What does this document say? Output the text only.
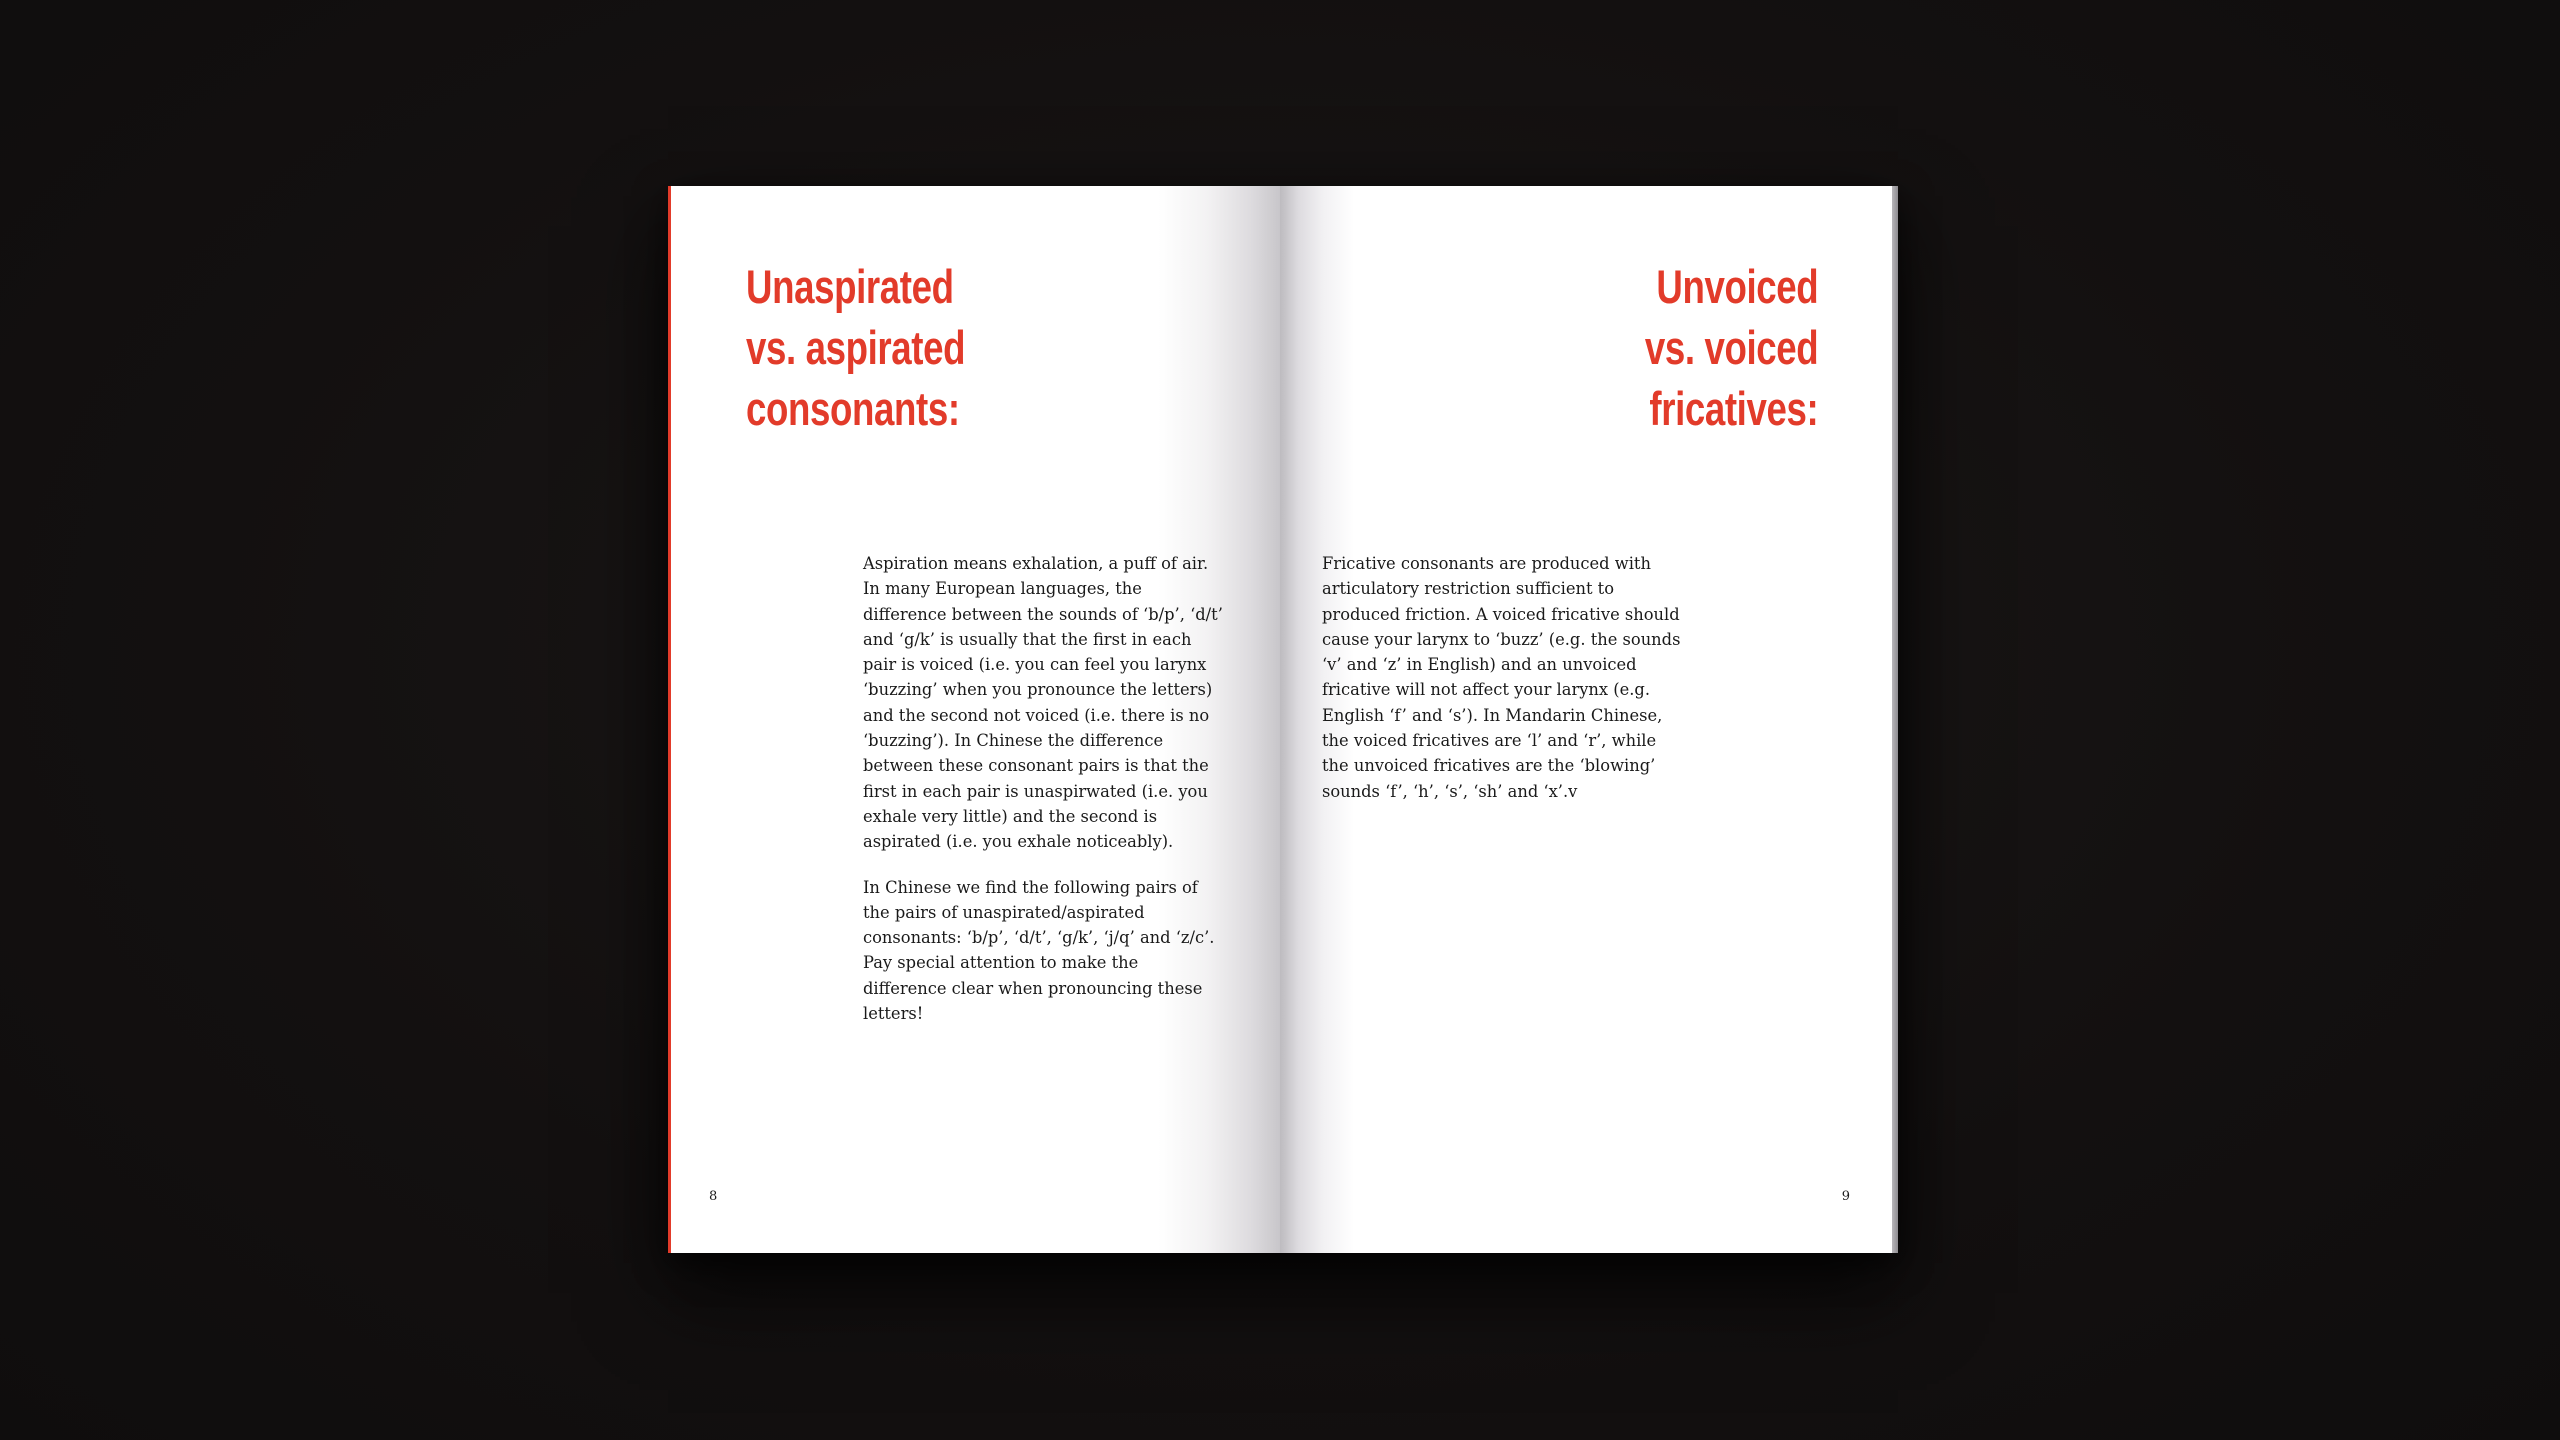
Unaspirated
vs. aspirated
consonants:

Aspiration means exhalation, a puff of air. In many European languages, the difference between the sounds of ‘b/p’, ‘d/t’ and ‘g/k’ is usually that the first in each pair is voiced (i.e. you can feel you larynx ‘buzzing’ when you pronounce the letters) and the second not voiced (i.e. there is no ‘buzzing’). In Chinese the difference between these consonant pairs is that the first in each pair is unaspirwated (i.e. you exhale very little) and the second is aspirated (i.e. you exhale noticeably).

In Chinese we find the following pairs of the pairs of unaspirated/aspirated consonants: ‘b/p’, ‘d/t’, ‘g/k’, ‘j/q’ and ‘z/c’. Pay special attention to make the difference clear when pronouncing these letters!

8
Unvoiced
vs. voiced
fricatives:

Fricative consonants are produced with articulatory restriction sufficient to produced friction. A voiced fricative should cause your larynx to ‘buzz’ (e.g. the sounds ‘v’ and ‘z’ in English) and an unvoiced fricative will not affect your larynx (e.g. English ‘f’ and ‘s’). In Mandarin Chinese, the voiced fricatives are ‘l’ and ‘r’, while the unvoiced fricatives are the ‘blowing’ sounds ‘f’, ‘h’, ‘s’, ‘sh’ and ‘x’.v

9
